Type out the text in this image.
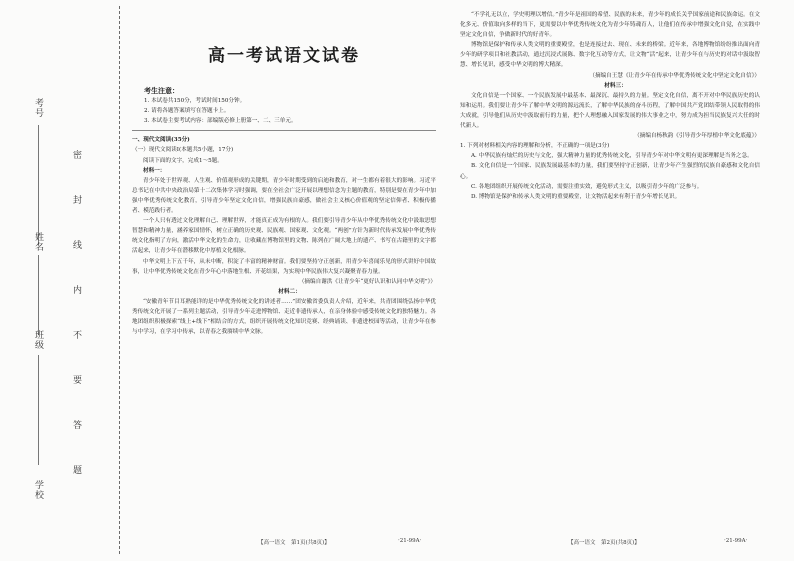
考号
姓名
班级
学校
密
封
线
内
不
要
答
题
高一考试语文试卷
考生注意：

1. 本试卷共150分，考试时间150分钟。

2. 请将各题答案填写在答题卡上。

3. 本试卷主要考试内容：部编版必修上册第一、二、三单元。

一、现代文阅读(35分)

（一）现代文阅读Ⅰ(本题共5小题，17分)

阅读下面的文字，完成1～5题。

材料一：

青少年处于世界观、人生观、价值观形成的关键期，青少年时期受到的启迪和教育，对一生都有着很大的影响。习近平总书记在中共中央政治局第十二次集体学习时强调，要在全社会广泛开展以理想信念为主题的教育，特别是要在青少年中加强中华优秀传统文化教育，引导青少年坚定文化自信，增强民族自豪感，做社会主义核心价值观的坚定信仰者、积极传播者、模范践行者。

一个人只有透过文化理解自己、理解世界，才能真正成为有根的人。我们要引导青少年从中华优秀传统文化中汲取思想智慧和精神力量，涵养家国情怀，树立正确的历史观、民族观、国家观、文化观。“两创”方针为新时代传承发展中华优秀传统文化指明了方向，激活中华文化的生命力，让收藏在博物馆里的文物、陈列在广阔大地上的遗产、书写在古籍里的文字都活起来，让青少年在潜移默化中厚植文化根脉。

中华文明上下五千年，从未中断，积淀了丰富的精神财富。我们要坚持守正创新，用青少年喜闻乐见的形式讲好中国故事，让中华优秀传统文化在青少年心中落地生根、开花结果，为实现中华民族伟大复兴凝聚青春力量。

（摘编自谢洪《让青少年“更好认识和认同中华文明”》）

材料二：

“安徽青年节目耳熟能详的是中华优秀传统文化的讲述者……”团安徽省委负责人介绍，近年来，共青团围绕弘扬中华优秀传统文化开展了一系列主题活动，引导青少年走进博物馆、走近非遗传承人，在亲身体验中感受传统文化的独特魅力。各地团组织积极探索“线上+线下”相结合的方式，组织开展传统文化知识竞赛、经典诵读、非遗进校园等活动，让青少年在参与中学习，在学习中传承，以青春之我赓续中华文脉。

“不学礼无以立，学史明理以增信。”青少年是祖国的希望、民族的未来，青少年的成长关乎国家前途和民族命运。在文化多元、价值取向多样的当下，更需要以中华优秀传统文化为青少年铸魂育人，让他们在传承中增强文化自觉，在实践中坚定文化自信，争做新时代的好青年。

博物馆是保护和传承人类文明的重要殿堂，也是连接过去、现在、未来的桥梁。近年来，各地博物馆纷纷推出面向青少年的研学项目和社教活动，通过沉浸式展陈、数字化互动等方式，让文物“活”起来，让青少年在与历史的对话中汲取智慧、增长见识，感受中华文明的博大精深。

（摘编自王慧《让青少年在传承中华优秀传统文化中坚定文化自信》）

材料三：

文化自信是一个国家、一个民族发展中最基本、最深沉、最持久的力量。坚定文化自信，离不开对中华民族历史的认知和运用。我们要让青少年了解中华文明的源远流长，了解中华民族的奋斗历程，了解中国共产党团结带领人民取得的伟大成就，引导他们从历史中汲取前行的力量，把个人理想融入国家发展的伟大事业之中，努力成为担当民族复兴大任的时代新人。

（摘编自杨秋韵《引导青少年厚植中华文化底蕴》）

1. 下列对材料相关内容的理解和分析，不正确的一项是(3分)

A. 中华民族有灿烂的历史与文化，强大精神力量的优秀传统文化，引导青少年对中华文明有更深理解是当务之急。

B. 文化自信是一个国家、民族发展最基本的力量，我们要坚持守正创新，让青少年产生强烈的民族自豪感和文化自信心。

C. 各地团组织开展传统文化活动，需要注重实效，避免形式主义，以吸引青少年的广泛参与。

D. 博物馆是保护和传承人类文明的重要殿堂，让文物活起来有利于青少年增长见识。

【高一语文　第1页(共8页)】	·21-99A·	【高一语文　第2页(共8页)】	·21-99A·
